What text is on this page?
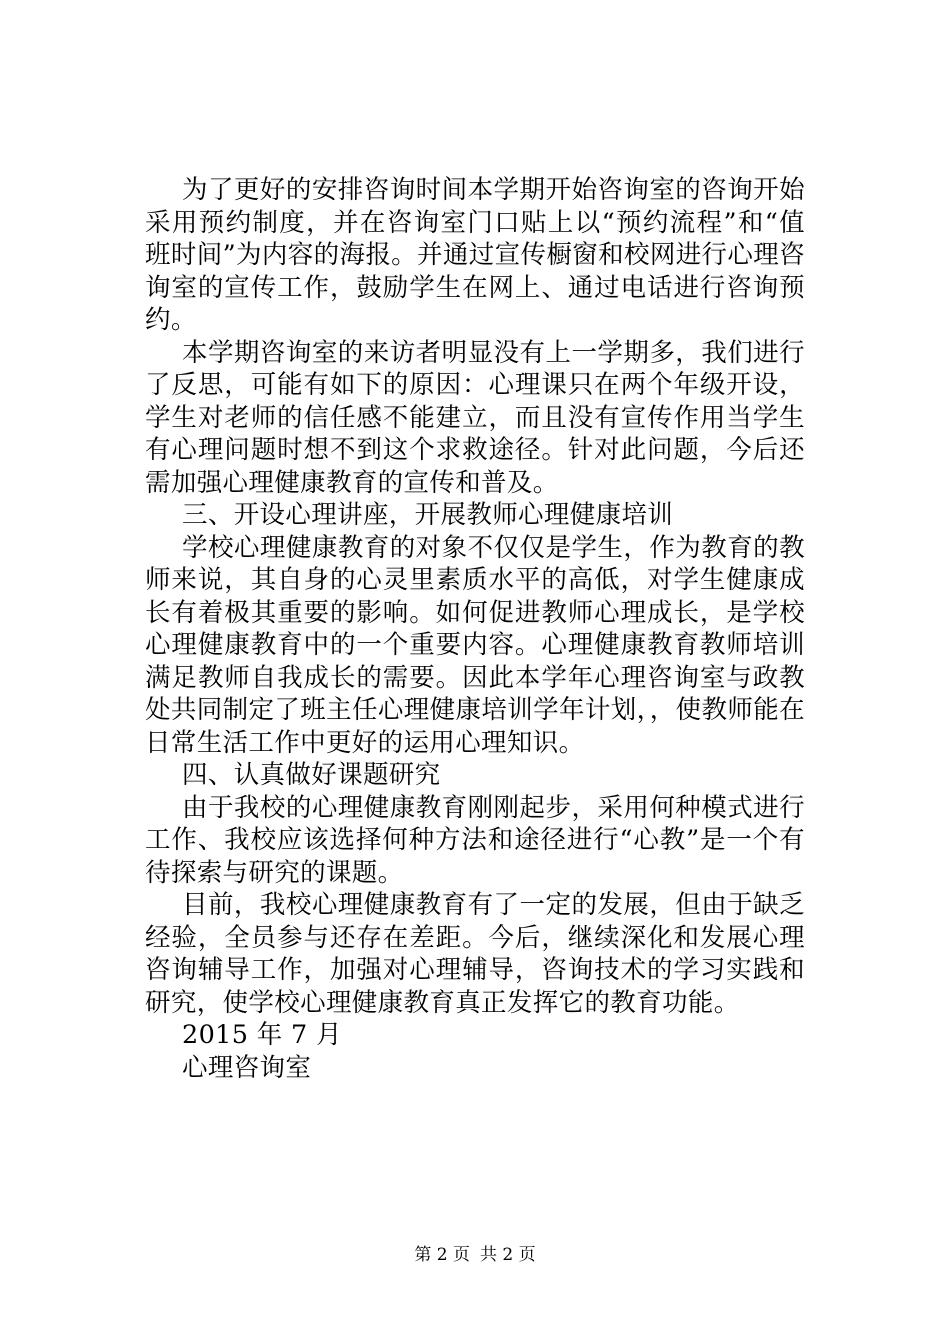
为了更好的安排咨询时间本学期开始咨询室的咨询开始采用预约制度，并在咨询室门口贴上以“预约流程”和“值班时间”为内容的海报。并通过宣传橱窗和校网进行心理咨询室的宣传工作，鼓励学生在网上、通过电话进行咨询预约。

本学期咨询室的来访者明显没有上一学期多，我们进行了反思，可能有如下的原因：心理课只在两个年级开设，学生对老师的信任感不能建立，而且没有宣传作用当学生有心理问题时想不到这个求救途径。针对此问题，今后还需加强心理健康教育的宣传和普及。

三、开设心理讲座，开展教师心理健康培训

学校心理健康教育的对象不仅仅是学生，作为教育的教师来说，其自身的心灵里素质水平的高低，对学生健康成长有着极其重要的影响。如何促进教师心理成长，是学校心理健康教育中的一个重要内容。心理健康教育教师培训满足教师自我成长的需要。因此本学年心理咨询室与政教处共同制定了班主任心理健康培训学年计划，，使教师能在日常生活工作中更好的运用心理知识。

四、认真做好课题研究

由于我校的心理健康教育刚刚起步，采用何种模式进行工作、我校应该选择何种方法和途径进行“心教”是一个有待探索与研究的课题。

目前，我校心理健康教育有了一定的发展，但由于缺乏经验，全员参与还存在差距。今后，继续深化和发展心理咨询辅导工作，加强对心理辅导，咨询技术的学习实践和研究，使学校心理健康教育真正发挥它的教育功能。

2015 年 7 月

心理咨询室

第 2 页 共 2 页
